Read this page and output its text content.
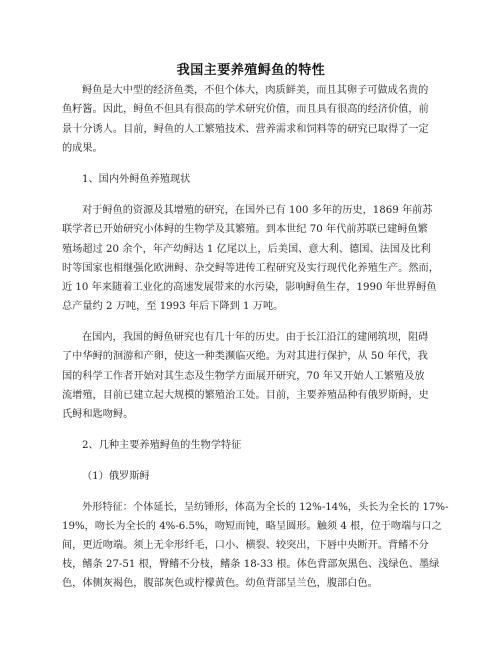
我国主要养殖鲟鱼的特性
鲟鱼是大中型的经济鱼类，不但个体大，肉质鲜美，而且其卵子可做成名贵的
鱼籽酱。因此，鲟鱼不但具有很高的学术研究价值，而且具有很高的经济价值，前
景十分诱人。目前，鲟鱼的人工繁殖技术、营养需求和饲料等的研究已取得了一定
的成果。
1、国内外鲟鱼养殖现状
对于鲟鱼的资源及其增殖的研究，在国外已有 100 多年的历史，1869 年前苏
联学者已开始研究小体鲟的生物学及其繁殖。到本世纪 70 年代前苏联已建鲟鱼繁
殖场超过 20 余个，年产幼鲟达 1 亿尾以上，后美国、意大利、德国、法国及比利
时等国家也相继强化欧洲鲟、杂交鲟等进传工程研究及实行现代化养殖生产。然而，
近 10 年来随着工业化的高速发展带来的水污染，影响鲟鱼生存，1990 年世界鲟鱼
总产量约 2 万吨，至 1993 年后下降到 1 万吨。
在国内，我国的鲟鱼研究也有几十年的历史。由于长江沿江的建闸筑坝，阻碍
了中华鲟的洄游和产卵，使这一种类濒临灭绝。为对其进行保护，从 50 年代，我
国的科学工作者开始对其生态及生物学方面展开研究，70 年又开始人工繁殖及放
流增殖，目前已建立起大规模的繁殖治工处。目前，主要养殖品种有俄罗斯鲟，史
氏鲟和匙吻鲟。
2、几种主要养殖鲟鱼的生物学特征
（1）俄罗斯鲟
外形特征：个体延长，呈纺锤形，体高为全长的 12%-14%，头长为全长的 17%-
19%，吻长为全长的 4%-6.5%，吻短而钝，略呈圆形。触须 4 根，位于吻端与口之
间，更近吻端。须上无伞形纤毛，口小、横裂、较突出，下唇中央断开。背鳍不分
枝，鳍条 27-51 根，臀鳍不分枝，鳍条 18-33 根。体色背部灰黑色、浅绿色、墨绿
色，体侧灰褐色，腹部灰色或柠檬黄色。幼鱼背部呈兰色，腹部白色。
